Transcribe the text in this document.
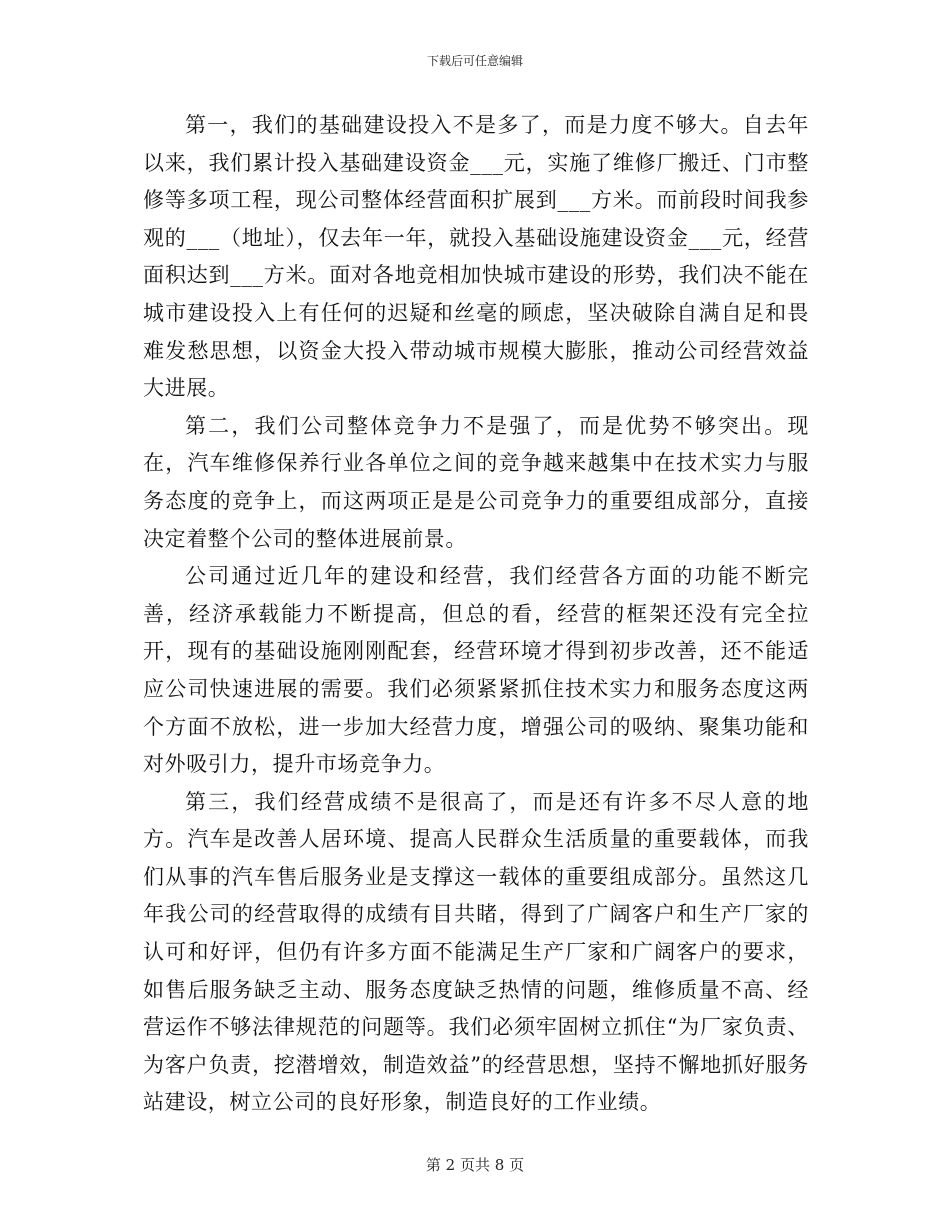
下载后可任意编辑

第一，我们的基础建设投入不是多了，而是力度不够大。自去年以来，我们累计投入基础建设资金___元，实施了维修厂搬迁、门市整修等多项工程，现公司整体经营面积扩展到___方米。而前段时间我参观的___（地址），仅去年一年，就投入基础设施建设资金___元，经营面积达到___方米。面对各地竞相加快城市建设的形势，我们决不能在城市建设投入上有任何的迟疑和丝毫的顾虑，坚决破除自满自足和畏难发愁思想，以资金大投入带动城市规模大膨胀，推动公司经营效益大进展。

第二，我们公司整体竞争力不是强了，而是优势不够突出。现在，汽车维修保养行业各单位之间的竞争越来越集中在技术实力与服务态度的竞争上，而这两项正是是公司竞争力的重要组成部分，直接决定着整个公司的整体进展前景。

公司通过近几年的建设和经营，我们经营各方面的功能不断完善，经济承载能力不断提高，但总的看，经营的框架还没有完全拉开，现有的基础设施刚刚配套，经营环境才得到初步改善，还不能适应公司快速进展的需要。我们必须紧紧抓住技术实力和服务态度这两个方面不放松，进一步加大经营力度，增强公司的吸纳、聚集功能和对外吸引力，提升市场竞争力。

第三，我们经营成绩不是很高了，而是还有许多不尽人意的地方。汽车是改善人居环境、提高人民群众生活质量的重要载体，而我们从事的汽车售后服务业是支撑这一载体的重要组成部分。虽然这几年我公司的经营取得的成绩有目共睹，得到了广阔客户和生产厂家的认可和好评，但仍有许多方面不能满足生产厂家和广阔客户的要求，如售后服务缺乏主动、服务态度缺乏热情的问题，维修质量不高、经营运作不够法律规范的问题等。我们必须牢固树立抓住“为厂家负责、为客户负责，挖潜增效，制造效益”的经营思想，坚持不懈地抓好服务站建设，树立公司的良好形象，制造良好的工作业绩。

第 2 页共 8 页
